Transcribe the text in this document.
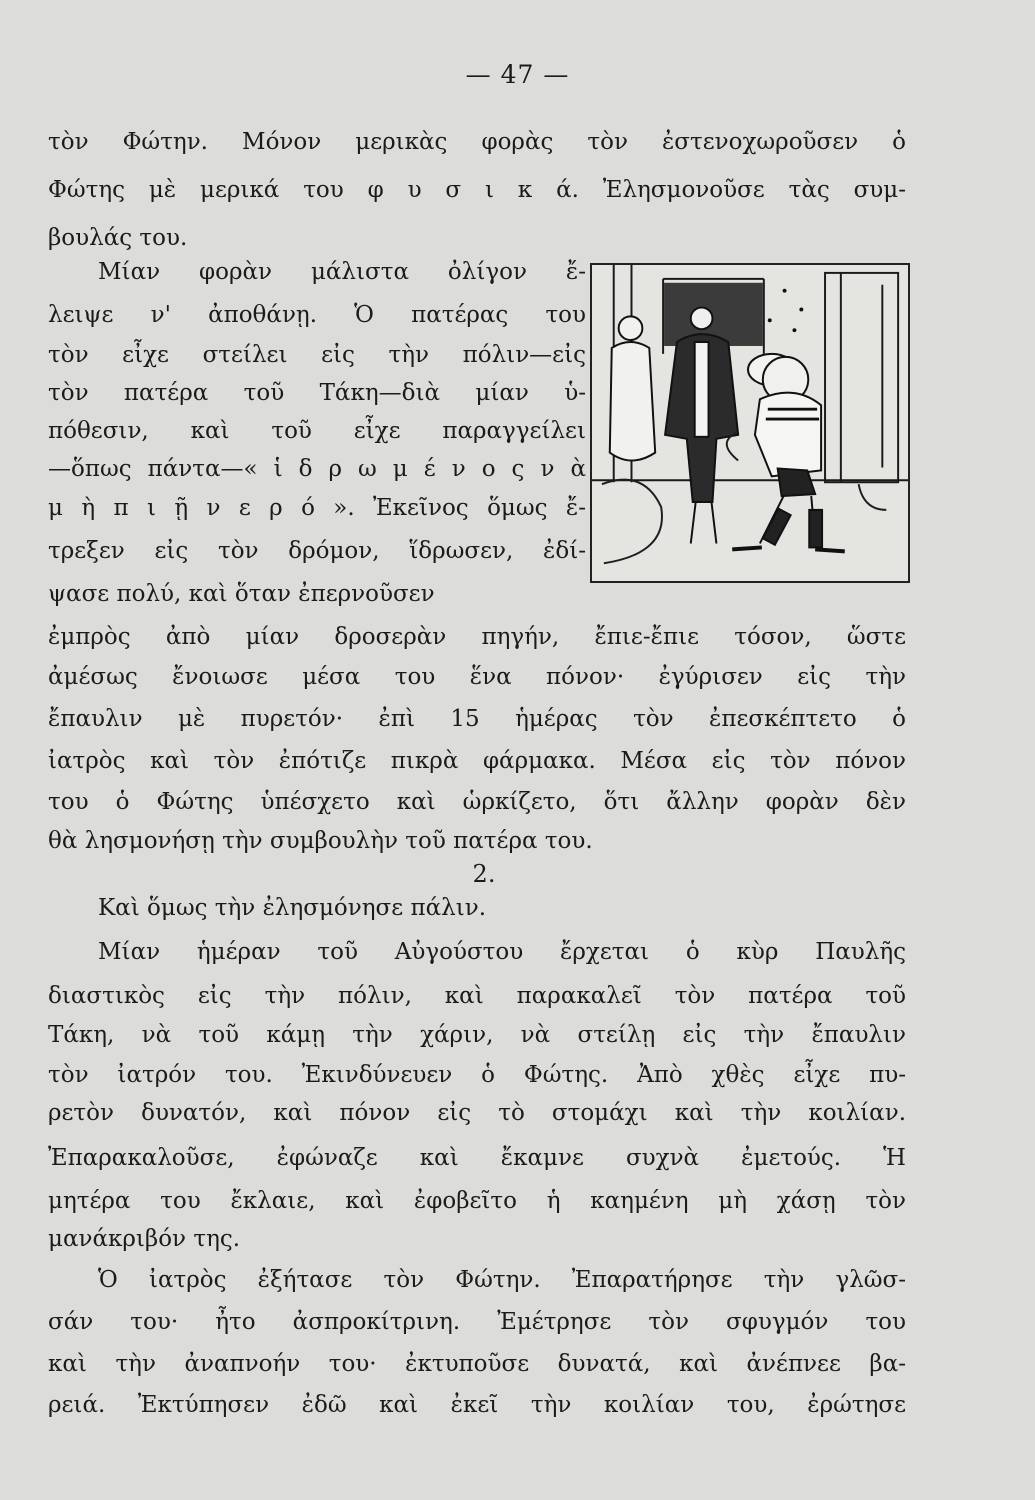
— 47 —
τὸν Φώτην. Μόνον μερικὰς φορὰς τὸν ἐστενοχωροῦσεν ὁ
Φώτης μὲ μερικά του φ υ σ ι κ ά. Ἐλησμονοῦσε τὰς συμ-
βουλάς του.
Μίαν φορὰν μάλιστα ὀλίγον ἔ-
λειψε ν' ἀποθάνῃ. Ὁ πατέρας του
τὸν εἶχε στείλει εἰς τὴν πόλιν—εἰς
τὸν πατέρα τοῦ Τάκη—διὰ μίαν ὑ-
πόθεσιν, καὶ τοῦ εἶχε παραγγείλει
—ὅπως πάντα—« ἱ δ ρ ω μ έ ν ο ς ν ὰ
μ ὴ π ι ῇ ν ε ρ ό ». Ἐκεῖνος ὅμως ἔ-
τρεξεν εἰς τὸν δρόμον, ἵδρωσεν, ἐδί-
ψασε πολύ, καὶ ὅταν ἐπερνοῦσεν
ἐμπρὸς ἀπὸ μίαν δροσερὰν πηγήν, ἔπιε-ἔπιε τόσον, ὥστε
ἀμέσως ἔνοιωσε μέσα του ἕνα πόνον· ἐγύρισεν εἰς τὴν
ἔπαυλιν μὲ πυρετόν· ἐπὶ 15 ἡμέρας τὸν ἐπεσκέπτετο ὁ
ἰατρὸς καὶ τὸν ἐπότιζε πικρὰ φάρμακα. Μέσα εἰς τὸν πόνον
του ὁ Φώτης ὑπέσχετο καὶ ὡρκίζετο, ὅτι ἄλλην φορὰν δὲν
θὰ λησμονήσῃ τὴν συμβουλὴν τοῦ πατέρα του.
2.
Καὶ ὅμως τὴν ἐλησμόνησε πάλιν.
Μίαν ἡμέραν τοῦ Αὐγούστου ἔρχεται ὁ κὺρ Παυλῆς
διαστικὸς εἰς τὴν πόλιν, καὶ παρακαλεῖ τὸν πατέρα τοῦ
Τάκη, νὰ τοῦ κάμῃ τὴν χάριν, νὰ στείλῃ εἰς τὴν ἔπαυλιν
τὸν ἰατρόν του. Ἐκινδύνευεν ὁ Φώτης. Ἀπὸ χθὲς εἶχε πυ-
ρετὸν δυνατόν, καὶ πόνον εἰς τὸ στομάχι καὶ τὴν κοιλίαν.
Ἐπαρακαλοῦσε, ἐφώναζε καὶ ἔκαμνε συχνὰ ἐμετούς. Ἡ
μητέρα του ἔκλαιε, καὶ ἐφοβεῖτο ἡ καημένη μὴ χάσῃ τὸν
μανάκριβόν της.
Ὁ ἰατρὸς ἐξήτασε τὸν Φώτην. Ἐπαρατήρησε τὴν γλῶσ-
σάν του· ἦτο ἀσπροκίτρινη. Ἐμέτρησε τὸν σφυγμόν του
καὶ τὴν ἀναπνοήν του· ἐκτυποῦσε δυνατά, καὶ ἀνέπνεε βα-
ρειά. Ἐκτύπησεν ἐδῶ καὶ ἐκεῖ τὴν κοιλίαν του, ἐρώτησε
